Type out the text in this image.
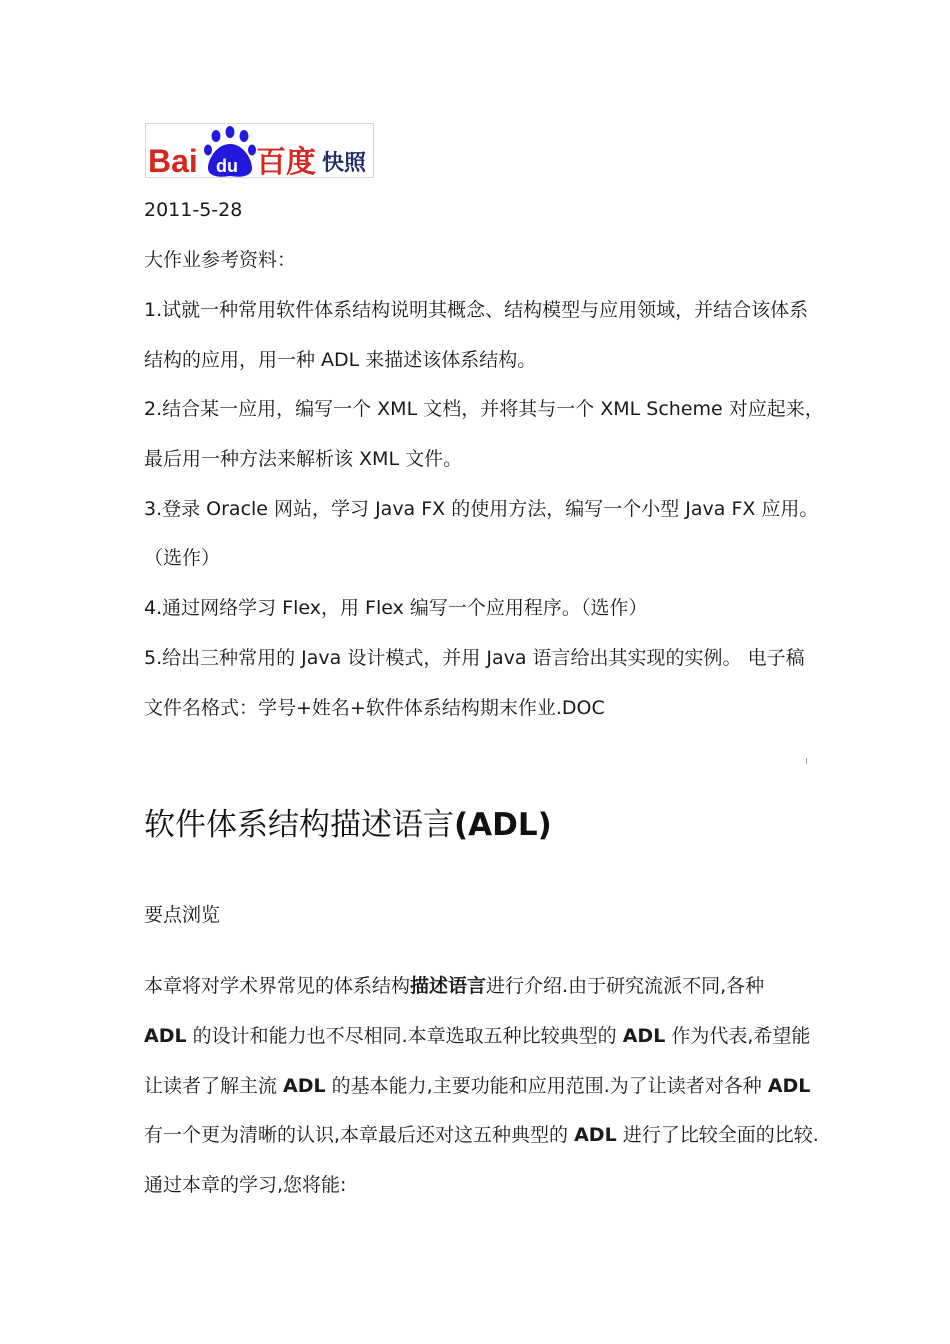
Bai du 百度 快照
2011-5-28
大作业参考资料：
1.试就一种常用软件体系结构说明其概念、结构模型与应用领域，并结合该体系
结构的应用，用一种 ADL 来描述该体系结构。
2.结合某一应用，编写一个 XML 文档，并将其与一个 XML Scheme 对应起来，
最后用一种方法来解析该 XML 文件。
3.登录 Oracle 网站，学习 Java FX 的使用方法，编写一个小型 Java FX 应用。
（选作）
4.通过网络学习 Flex，用 Flex 编写一个应用程序。（选作）
5.给出三种常用的 Java 设计模式，并用 Java 语言给出其实现的实例。 电子稿
文件名格式：学号+姓名+软件体系结构期末作业.DOC
软件体系结构描述语言(ADL)
要点浏览
本章将对学术界常见的体系结构描述语言进行介绍.由于研究流派不同,各种
ADL 的设计和能力也不尽相同.本章选取五种比较典型的 ADL 作为代表,希望能
让读者了解主流 ADL 的基本能力,主要功能和应用范围.为了让读者对各种 ADL
有一个更为清晰的认识,本章最后还对这五种典型的 ADL 进行了比较全面的比较.
通过本章的学习,您将能:
